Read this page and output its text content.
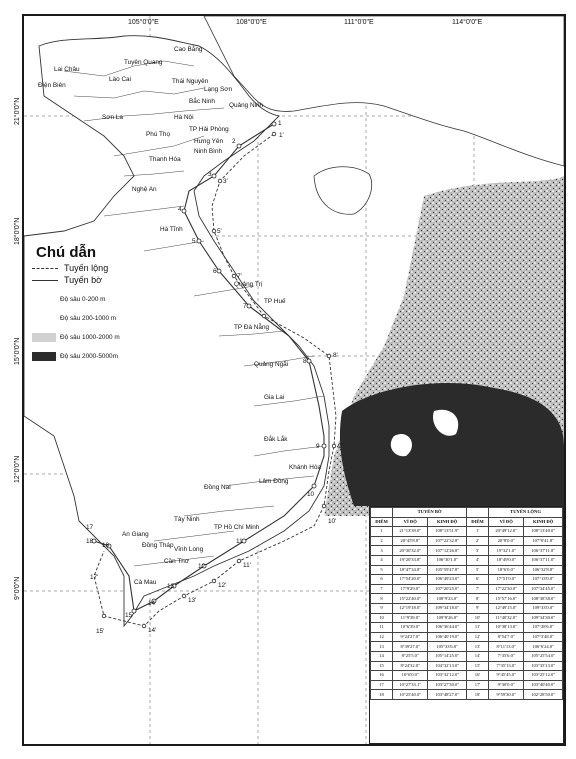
105°0'0"E	108°0'0"E	111°0'0"E	114°0'0"E
Cao Bằng
Lai Châu
Tuyên Quang
Điện Biên
Lào Cai	Thái Nguyên
Lạng Sơn
Sơn La
Bắc Ninh
Hà Nội
Quảng Ninh
Phú Thọ
TP Hải Phòng
Hưng Yên
Ninh Bình
Thanh Hóa
Nghệ An
Hà Tĩnh
Quảng Trị
TP Huế
TP Đà Nẵng
Quảng Ngãi
Gia Lai
Đắk Lắk
Khánh Hòa
Lâm Đồng
Đồng Nai
Tây Ninh
TP Hồ Chí Minh
An Giang
Đồng Tháp
Vĩnh Long
Cần Thơ
Cà Mau
1
2
3
4
5
6
7
8
9
10
11
12
13
14
15
16
17
18
1'
3'
5'
7'
8'
9'
10'
11'
12'
13'
14'
15'
17'
Chú dẫn
Tuyến lộng
Tuyến bờ
Độ sâu 0-200 m
Độ sâu 200-1000 m
Độ sâu 1000-2000 m
Độ sâu 2000-5000m
	TUYẾN BỜ			TUYẾN LỘNG	
ĐIỂM	VĨ ĐỘ	KINH ĐỘ	ĐIỂM	VĨ ĐỘ	KINH ĐỘ
1	21°13'39.0"	108°13'51.9"	1'	20°49'12.0"	108°13'40.0"
2	20°45'8.8"	107°22'32.8"	2'	20°8'0.0"	107°0'41.8"
3	20°30'32.0"	107°12'26.8"	3'	19°32'1.0"	106°37'11.8"
4	19°20'33.8"	106°30'1.0"	4'	18°49'0.0"	106°37'11.0"
5	18°47'34.8"	105°59'47.8"	5'	18°6'0.0"	106°32'8.8"
6	17°54'20.0"	106°49'23.0"	6'	17°51'0.0"	107°13'0.0"
7	17°9'29.0"	107°20'25.0"	7'	17°22'30.0"	107°34'45.0"
8	15°22'40.0"	108°9'23.0"	8'	15°57'16.0"	108°38'38.0"
9	12°19'18.0"	109°34'18.0"	9'	12°49'15.0"	109°33'0.0"
10	11°9'39.0"	109°8'26.0"	10'	11°40'32.0"	109°34'30.0"
11	10°6'39.0"	106°36'44.0"	11'	10°38'13.0"	107°28'6.0"
12	9°24'27.0"	106°40'19.0"	12'	8°54'7.0"	107°3'48.0"
13	8°39'27.0"	105°33'6.0"	13'	8°11'13.0"	106°6'24.0"
14	8°25'5.0"	105°14'25.0"	14'	7°35'6.0"	105°25'54.0"
15	8°24'32.0"	104°32'13.0"	15'	7°35'13.0"	103°35'13.0"
16	10°6'0.0"	103°32'12.0"	16'	9°45'45.0"	103°25'12.0"
17	10°27'33.1"	103°27'30.0"	17'	9°30'0.0"	103°40'40.0"
18	10°25'40.0"	103°48'27.0"	18'	9°59'30.0"	102°28'50.0"
21°0'0"N
18°0'0"N
15°0'0"N
12°0'0"N
9°0'0"N
